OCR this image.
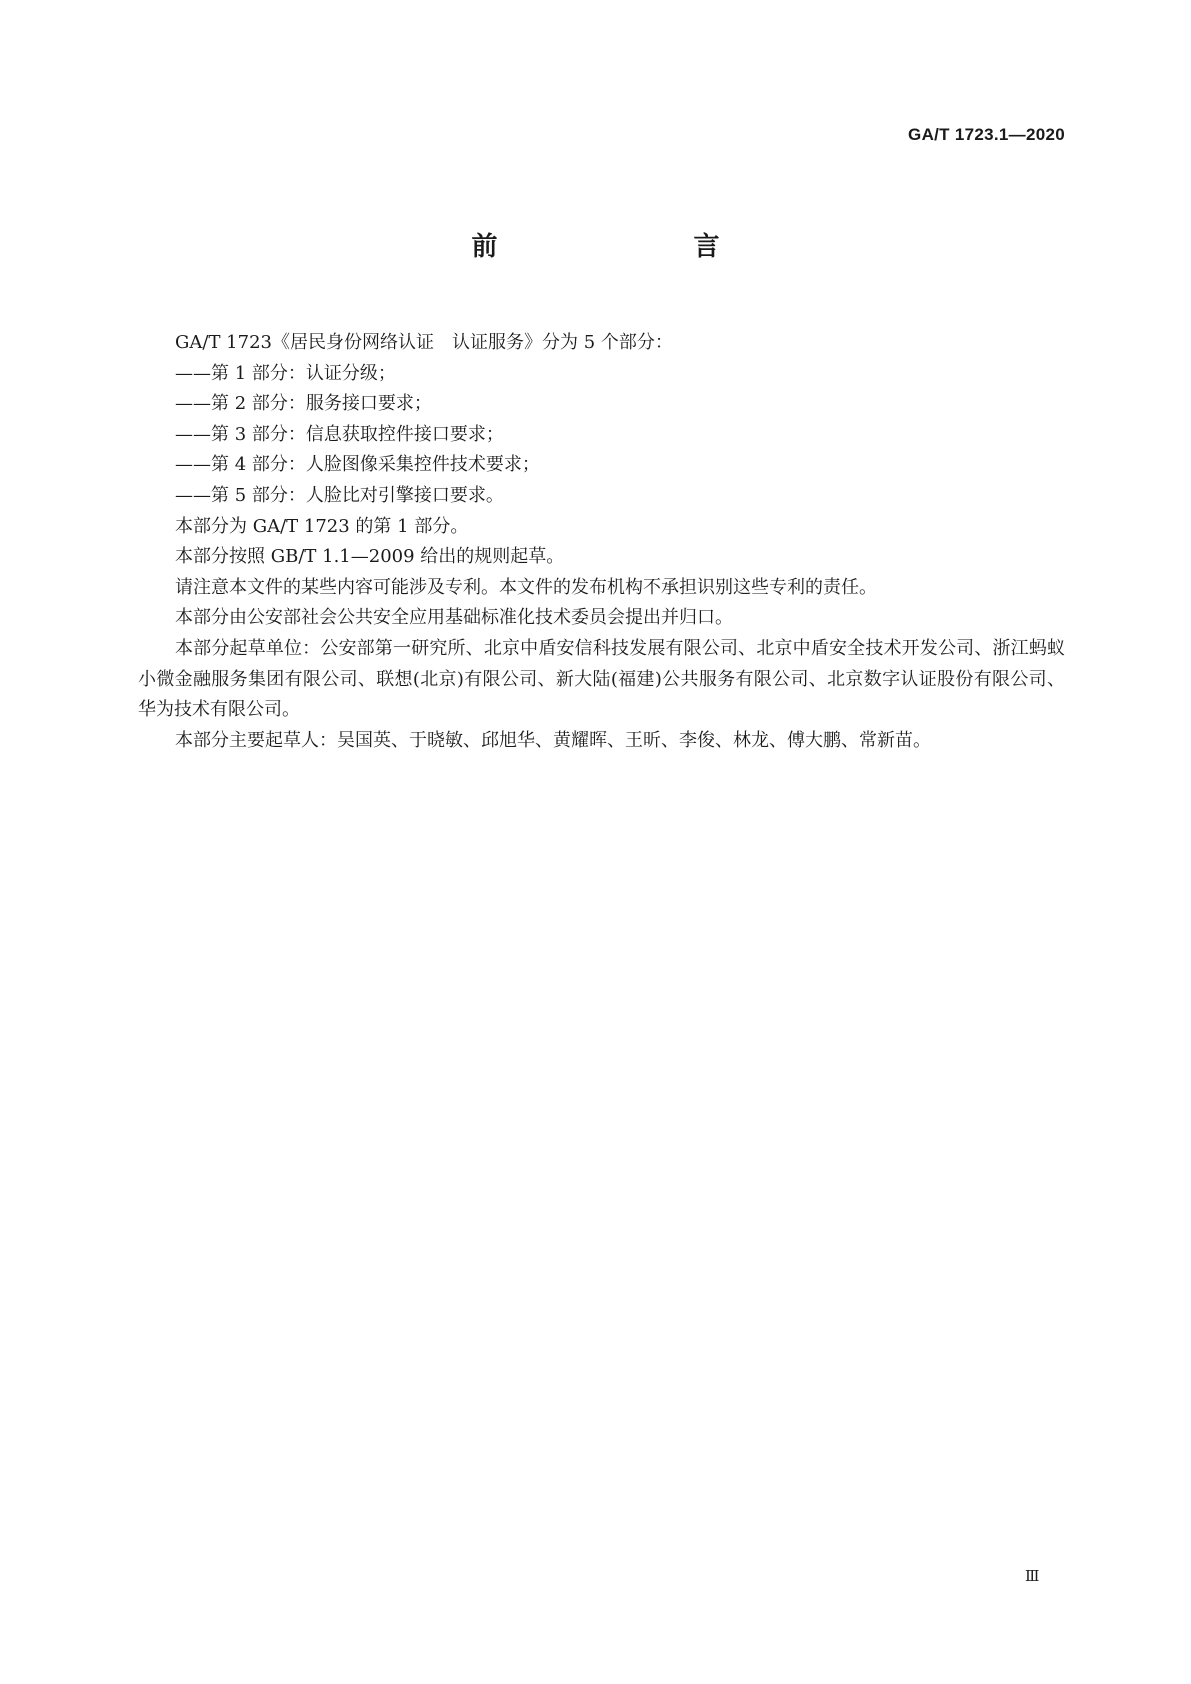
GA/T 1723.1—2020
前　　言

GA/T 1723《居民身份网络认证　认证服务》分为 5 个部分：

——第 1 部分：认证分级；

——第 2 部分：服务接口要求；

——第 3 部分：信息获取控件接口要求；

——第 4 部分：人脸图像采集控件技术要求；

——第 5 部分：人脸比对引擎接口要求。

本部分为 GA/T 1723 的第 1 部分。

本部分按照 GB/T 1.1—2009 给出的规则起草。

请注意本文件的某些内容可能涉及专利。本文件的发布机构不承担识别这些专利的责任。

本部分由公安部社会公共安全应用基础标准化技术委员会提出并归口。

本部分起草单位：公安部第一研究所、北京中盾安信科技发展有限公司、北京中盾安全技术开发公司、浙江蚂蚁小微金融服务集团有限公司、联想(北京)有限公司、新大陆(福建)公共服务有限公司、北京数字认证股份有限公司、华为技术有限公司。

本部分主要起草人：吴国英、于晓敏、邱旭华、黄耀晖、王昕、李俊、林龙、傅大鹏、常新苗。

Ⅲ
